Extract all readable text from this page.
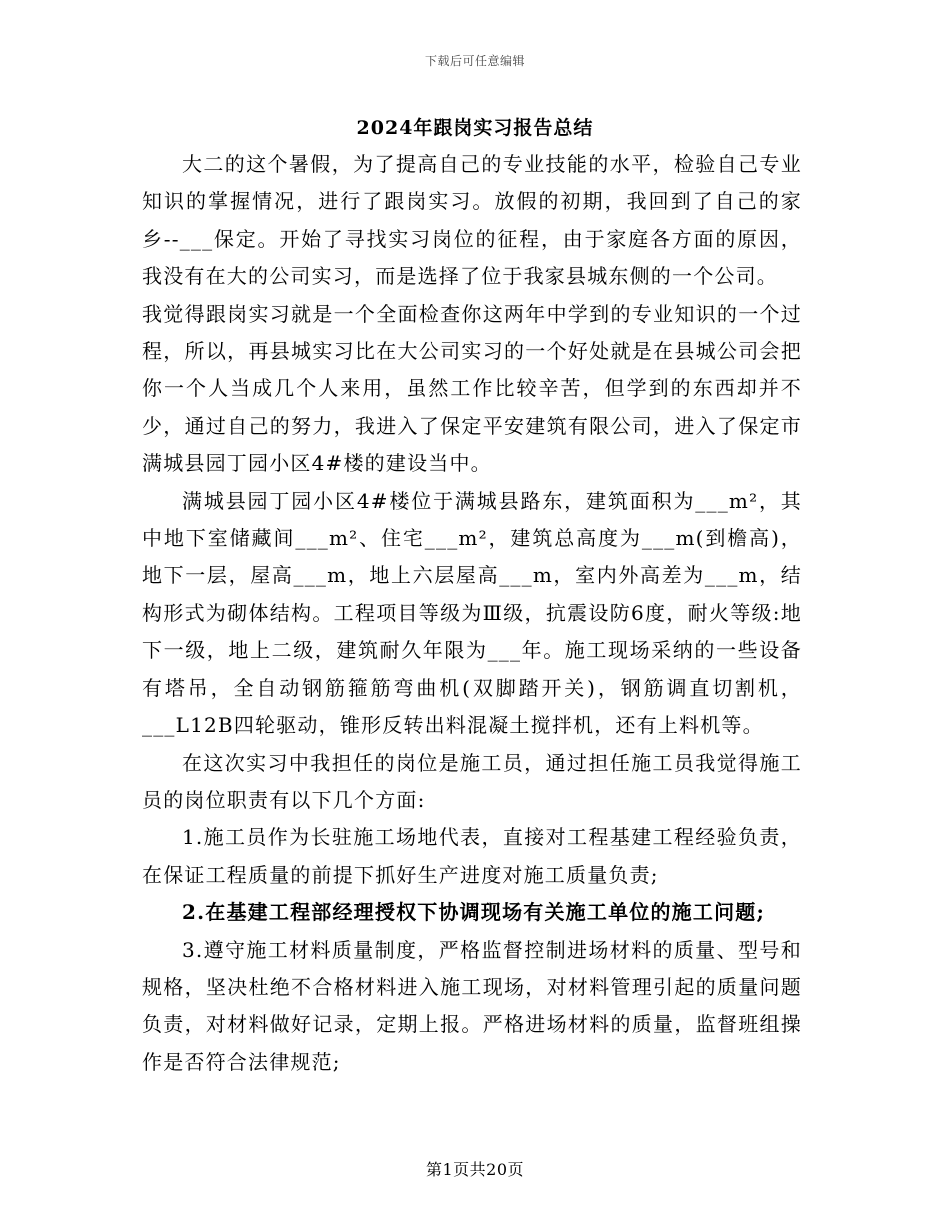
下载后可任意编辑
2024年跟岗实习报告总结

大二的这个暑假，为了提高自己的专业技能的水平，检验自己专业知识的掌握情况，进行了跟岗实习。放假的初期，我回到了自己的家乡--___保定。开始了寻找实习岗位的征程，由于家庭各方面的原因，我没有在大的公司实习，而是选择了位于我家县城东侧的一个公司。

我觉得跟岗实习就是一个全面检查你这两年中学到的专业知识的一个过程，所以，再县城实习比在大公司实习的一个好处就是在县城公司会把你一个人当成几个人来用，虽然工作比较辛苦，但学到的东西却并不少，通过自己的努力，我进入了保定平安建筑有限公司，进入了保定市满城县园丁园小区4#楼的建设当中。

满城县园丁园小区4#楼位于满城县路东，建筑面积为___m²，其中地下室储藏间___m²、住宅___m²，建筑总高度为___m(到檐高)，地下一层，屋高___m，地上六层屋高___m，室内外高差为___m，结构形式为砌体结构。工程项目等级为Ⅲ级，抗震设防6度，耐火等级:地下一级，地上二级，建筑耐久年限为___年。施工现场采纳的一些设备有塔吊，全自动钢筋箍筋弯曲机(双脚踏开关)，钢筋调直切割机，___L12B四轮驱动，锥形反转出料混凝土搅拌机，还有上料机等。

在这次实习中我担任的岗位是施工员，通过担任施工员我觉得施工员的岗位职责有以下几个方面:

1.施工员作为长驻施工场地代表，直接对工程基建工程经验负责，在保证工程质量的前提下抓好生产进度对施工质量负责;

2.在基建工程部经理授权下协调现场有关施工单位的施工问题;

3.遵守施工材料质量制度，严格监督控制进场材料的质量、型号和规格，坚决杜绝不合格材料进入施工现场，对材料管理引起的质量问题负责，对材料做好记录，定期上报。严格进场材料的质量，监督班组操作是否符合法律规范;

第1页共20页
